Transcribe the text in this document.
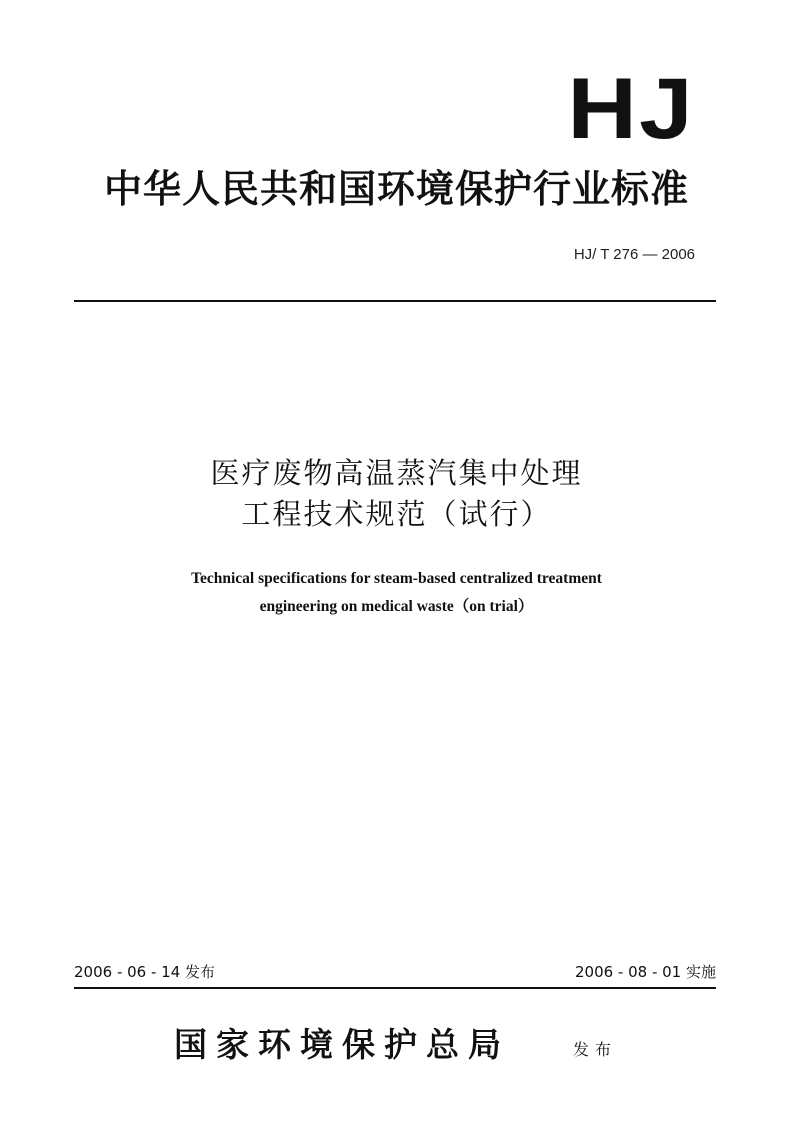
HJ
中华人民共和国环境保护行业标准
HJ/ T 276 — 2006
医疗废物高温蒸汽集中处理
工程技术规范（试行）
Technical specifications for steam-based centralized treatment
engineering on medical waste（on trial）
2006 - 06 - 14 发布	2006 - 08 - 01 实施
国家环境保护总局	发布
